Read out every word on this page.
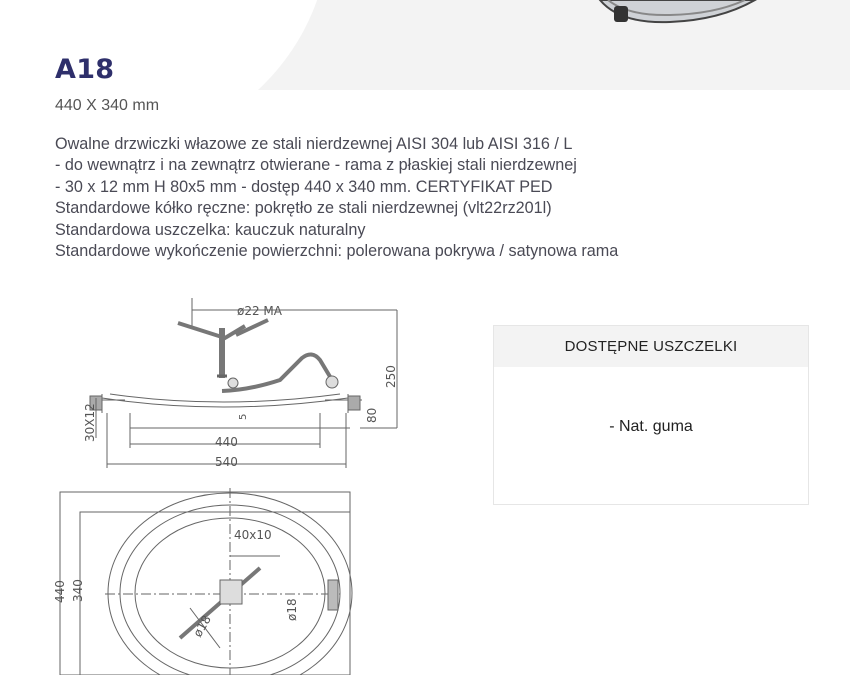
A18
440 X 340 mm
Owalne drzwiczki włazowe ze stali nierdzewnej AISI 304 lub AISI 316 / L
- do wewnątrz i na zewnątrz otwierane - rama z płaskiej stali nierdzewnej
- 30 x 12 mm H 80x5 mm - dostęp 440 x 340 mm. CERTYFIKAT PED
Standardowe kółko ręczne: pokrętło ze stali nierdzewnej (vlt22rz201l)
Standardowa uszczelka: kauczuk naturalny
Standardowe wykończenie powierzchni: polerowana pokrywa / satynowa rama
ø22 MA
250
80
5
30X12	440
540
40x10
440 340
ø18
ø18
DOSTĘPNE USZCZELKI
- Nat. guma
